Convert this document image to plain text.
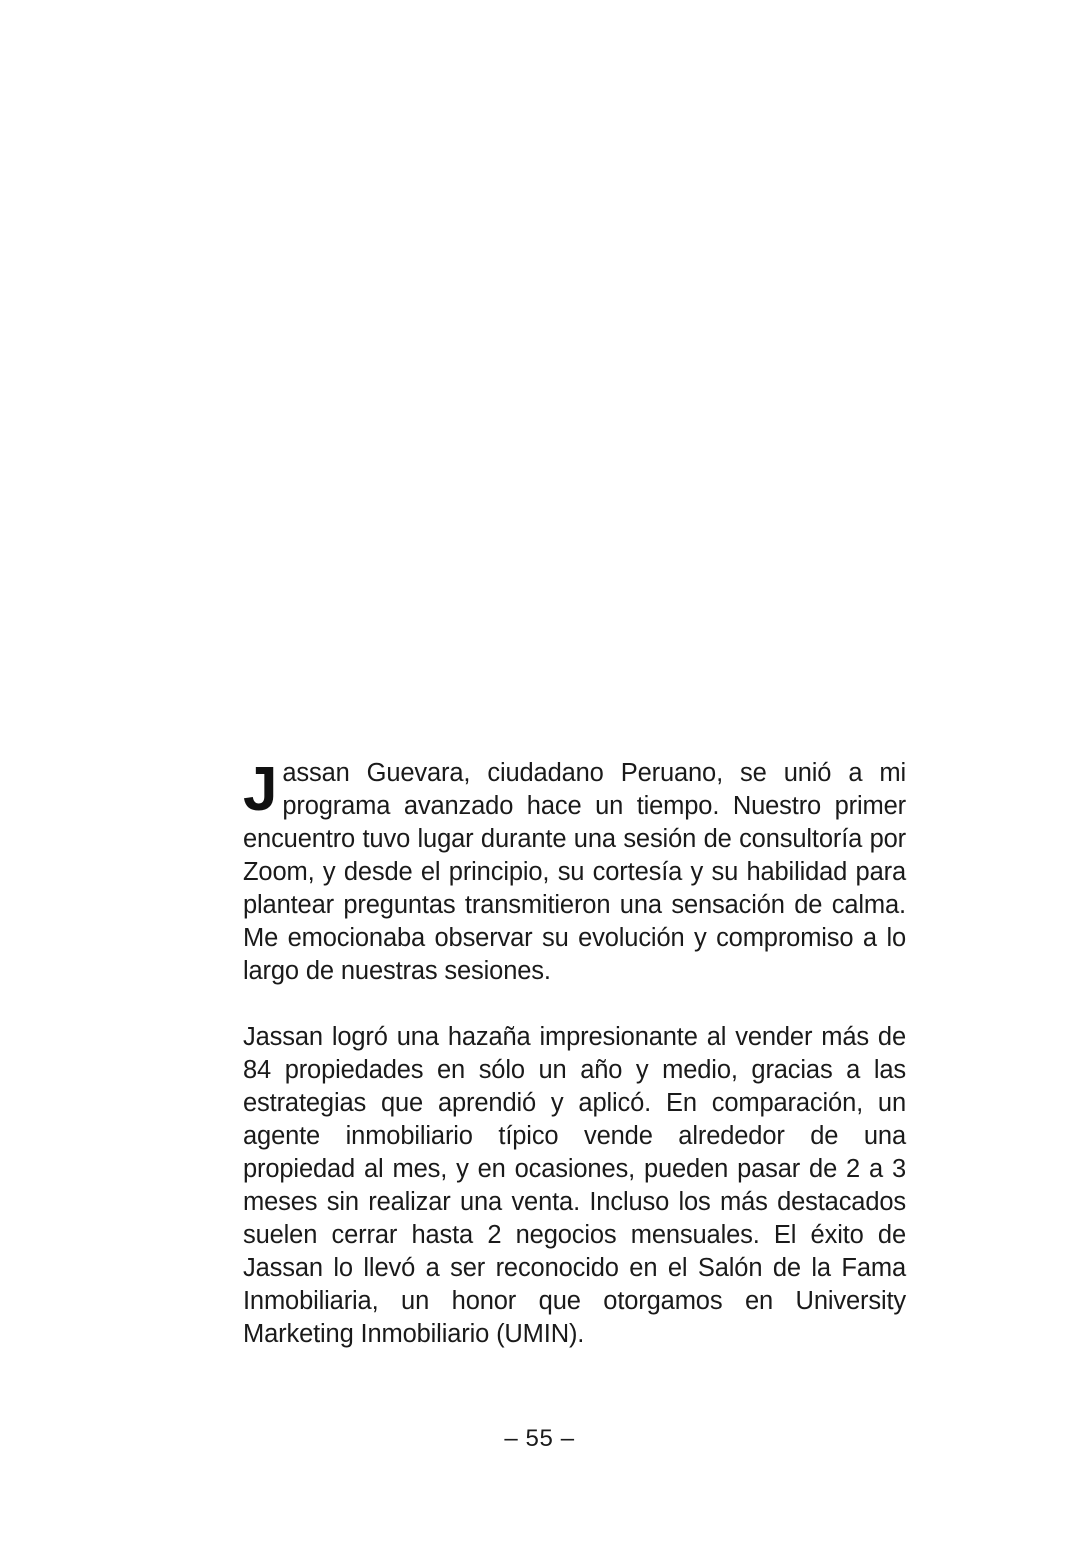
Jassan Guevara, ciudadano Peruano, se unió a mi programa avanzado hace un tiempo. Nuestro primer encuentro tuvo lugar durante una sesión de consultoría por Zoom, y desde el principio, su cortesía y su habilidad para plantear preguntas transmitieron una sensación de calma. Me emocionaba observar su evolución y compromiso a lo largo de nuestras sesiones.

Jassan logró una hazaña impresionante al vender más de 84 propiedades en sólo un año y medio, gracias a las estrategias que aprendió y aplicó. En comparación, un agente inmobiliario típico vende alrededor de una propiedad al mes, y en ocasiones, pueden pasar de 2 a 3 meses sin realizar una venta. Incluso los más destacados suelen cerrar hasta 2 negocios mensuales. El éxito de Jassan lo llevó a ser reconocido en el Salón de la Fama Inmobiliaria, un honor que otorgamos en University Marketing Inmobiliario (UMIN).

– 55 –
